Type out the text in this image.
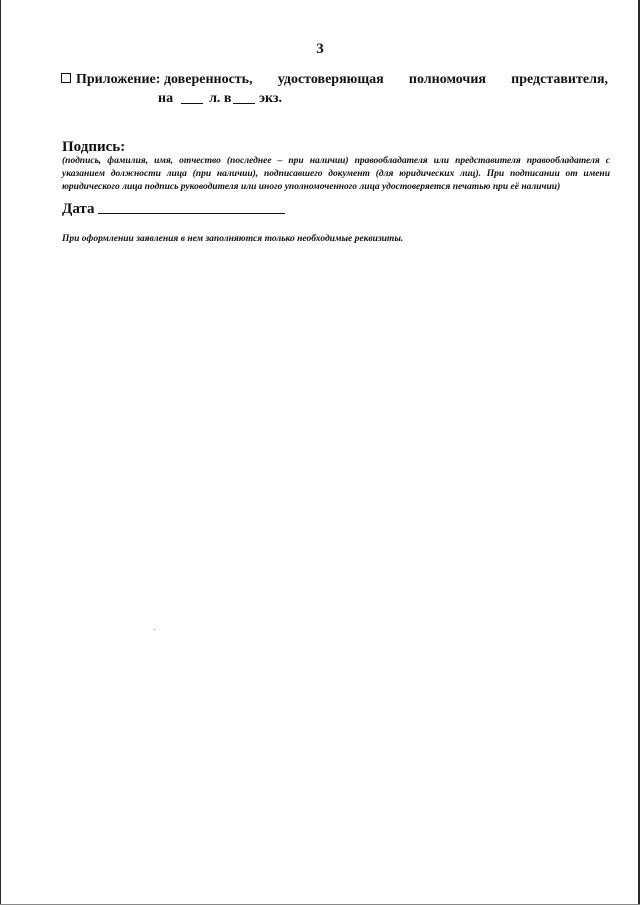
3
Приложение: доверенность, удостоверяющая полномочия представителя,
на	л. в экз.
Подпись:
(подпись, фамилия, имя, отчество (последнее – при наличии) правообладателя или представителя правообладателя с указанием должности лица (при наличии), подписавшего документ (для юридических лиц). При подписании от имени юридического лица подпись руководителя или иного уполномоченного лица удостоверяется печатью при её наличии)
Дата
При оформлении заявления в нем заполняются только необходимые реквизиты.
